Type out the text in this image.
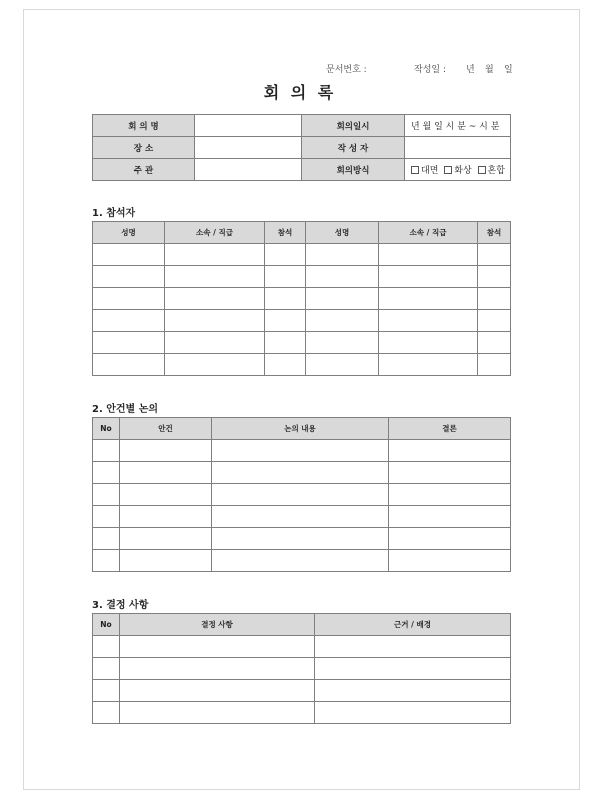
문서번호 :	작성일 : 년 월 일
회 의 록
회 의 명		회의일시	년 월 일 시 분 ~ 시 분
장 소		작 성 자	
주 관		회의방식	대면 화상 혼합
1. 참석자
성명	소속 / 직급	참석	성명	소속 / 직급	참석

2. 안건별 논의
No	안건	논의 내용	결론

3. 결정 사항
No	결정 사항	근거 / 배경
